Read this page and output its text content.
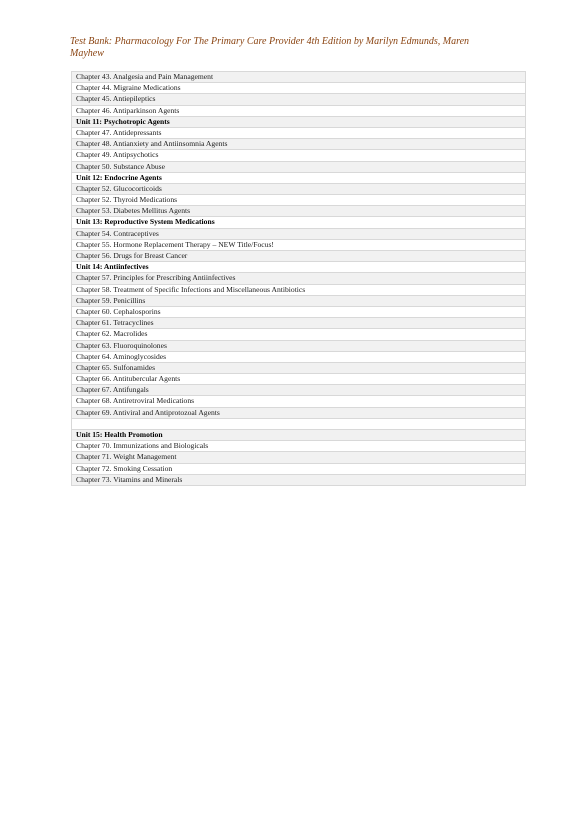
Test Bank: Pharmacology For The Primary Care Provider 4th Edition by Marilyn Edmunds, Maren
Mayhew
Chapter 43. Analgesia and Pain Management
Chapter 44. Migraine Medications
Chapter 45. Antiepileptics
Chapter 46. Antiparkinson Agents
Unit 11: Psychotropic Agents
Chapter 47. Antidepressants
Chapter 48. Antianxiety and Antiinsomnia Agents
Chapter 49. Antipsychotics
Chapter 50. Substance Abuse
Unit 12: Endocrine Agents
Chapter 52. Glucocorticoids
Chapter 52. Thyroid Medications
Chapter 53. Diabetes Mellitus Agents
Unit 13: Reproductive System Medications
Chapter 54. Contraceptives
Chapter 55. Hormone Replacement Therapy – NEW Title/Focus!
Chapter 56. Drugs for Breast Cancer
Unit 14: Antiinfectives
Chapter 57. Principles for Prescribing Antiinfectives
Chapter 58. Treatment of Specific Infections and Miscellaneous Antibiotics
Chapter 59. Penicillins
Chapter 60. Cephalosporins
Chapter 61. Tetracyclines
Chapter 62. Macrolides
Chapter 63. Fluoroquinolones
Chapter 64. Aminoglycosides
Chapter 65. Sulfonamides
Chapter 66. Antitubercular Agents
Chapter 67. Antifungals
Chapter 68. Antiretroviral Medications
Chapter 69. Antiviral and Antiprotozoal Agents
Unit 15: Health Promotion
Chapter 70. Immunizations and Biologicals
Chapter 71. Weight Management
Chapter 72. Smoking Cessation
Chapter 73. Vitamins and Minerals
